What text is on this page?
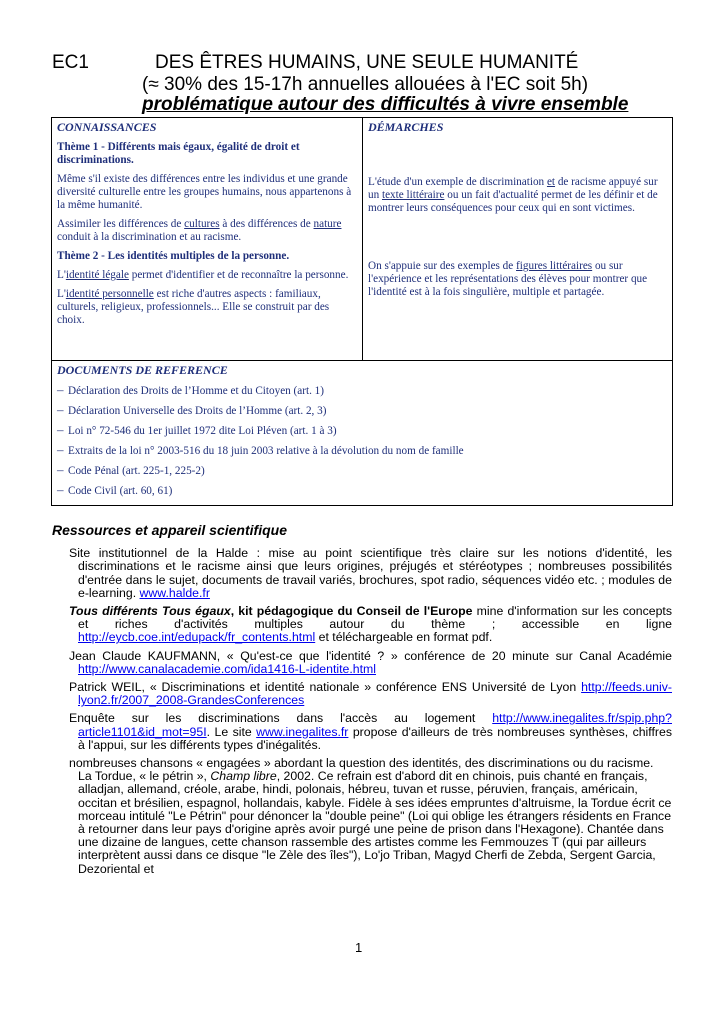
EC1	DES ÊTRES HUMAINS, UNE SEULE HUMANITÉ
(≈ 30% des 15-17h annuelles allouées à l'EC soit 5h)
problématique autour des difficultés à vivre ensemble

CONNAISSANCES

Thème 1 - Différents mais égaux, égalité de droit et discriminations.

Même s'il existe des différences entre les individus et une grande diversité culturelle entre les groupes humains, nous appartenons à la même humanité.

Assimiler les différences de cultures à des différences de nature conduit à la discrimination et au racisme.

Thème 2 - Les identités multiples de la personne.

L'identité légale permet d'identifier et de reconnaître la personne.

L'identité personnelle est riche d'autres aspects : familiaux, culturels, religieux, professionnels... Elle se construit par des choix.

DÉMARCHES

L'étude d'un exemple de discrimination et de racisme appuyé sur un texte littéraire ou un fait d'actualité permet de les définir et de montrer leurs conséquences pour ceux qui en sont victimes.

On s'appuie sur des exemples de figures littéraires ou sur l'expérience et les représentations des élèves pour montrer que l'identité est à la fois singulière, multiple et partagée.

DOCUMENTS DE REFERENCE

– Déclaration des Droits de l’Homme et du Citoyen (art. 1)

– Déclaration Universelle des Droits de l’Homme (art. 2, 3)

– Loi n° 72-546 du 1er juillet 1972 dite Loi Pléven (art. 1 à 3)

– Extraits de la loi n° 2003-516 du 18 juin 2003 relative à la dévolution du nom de famille

– Code Pénal (art. 225-1, 225-2)

– Code Civil (art. 60, 61)

Ressources et appareil scientifique

Site institutionnel de la Halde : mise au point scientifique très claire sur les notions d'identité, les discriminations et le racisme ainsi que leurs origines, préjugés et stéréotypes ; nombreuses possibilités d'entrée dans le sujet, documents de travail variés, brochures, spot radio, séquences vidéo etc. ; modules de e-learning. www.halde.fr

Tous différents Tous égaux, kit pédagogique du Conseil de l'Europe mine d'information sur les concepts et riches d'activités multiples autour du thème ; accessible en ligne http://eycb.coe.int/edupack/fr_contents.html et téléchargeable en format pdf.

Jean Claude KAUFMANN, « Qu'est-ce que l'identité ? » conférence de 20 minute sur Canal Académie http://www.canalacademie.com/ida1416-L-identite.html

Patrick WEIL, « Discriminations et identité nationale » conférence ENS Université de Lyon http://feeds.univ-lyon2.fr/2007_2008-GrandesConferences

Enquête sur les discriminations dans l'accès au logement http://www.inegalites.fr/spip.php?article1101&id_mot=95I. Le site www.inegalites.fr propose d'ailleurs de très nombreuses synthèses, chiffres à l'appui, sur les différents types d'inégalités.

nombreuses chansons « engagées » abordant la question des identités, des discriminations ou du racisme.
La Tordue, « le pétrin », Champ libre, 2002. Ce refrain est d'abord dit en chinois, puis chanté en français, alladjan, allemand, créole, arabe, hindi, polonais, hébreu, tuvan et russe, péruvien, français, américain, occitan et brésilien, espagnol, hollandais, kabyle. Fidèle à ses idées empruntes d'altruisme, la Tordue écrit ce morceau intitulé "Le Pétrin" pour dénoncer la "double peine" (Loi qui oblige les étrangers résidents en France à retourner dans leur pays d'origine après avoir purgé une peine de prison dans l'Hexagone). Chantée dans une dizaine de langues, cette chanson rassemble des artistes comme les Femmouzes T (qui par ailleurs interprètent aussi dans ce disque "le Zèle des îles"), Lo'jo Triban, Magyd Cherfi de Zebda, Sergent Garcia, Dezoriental et

1
